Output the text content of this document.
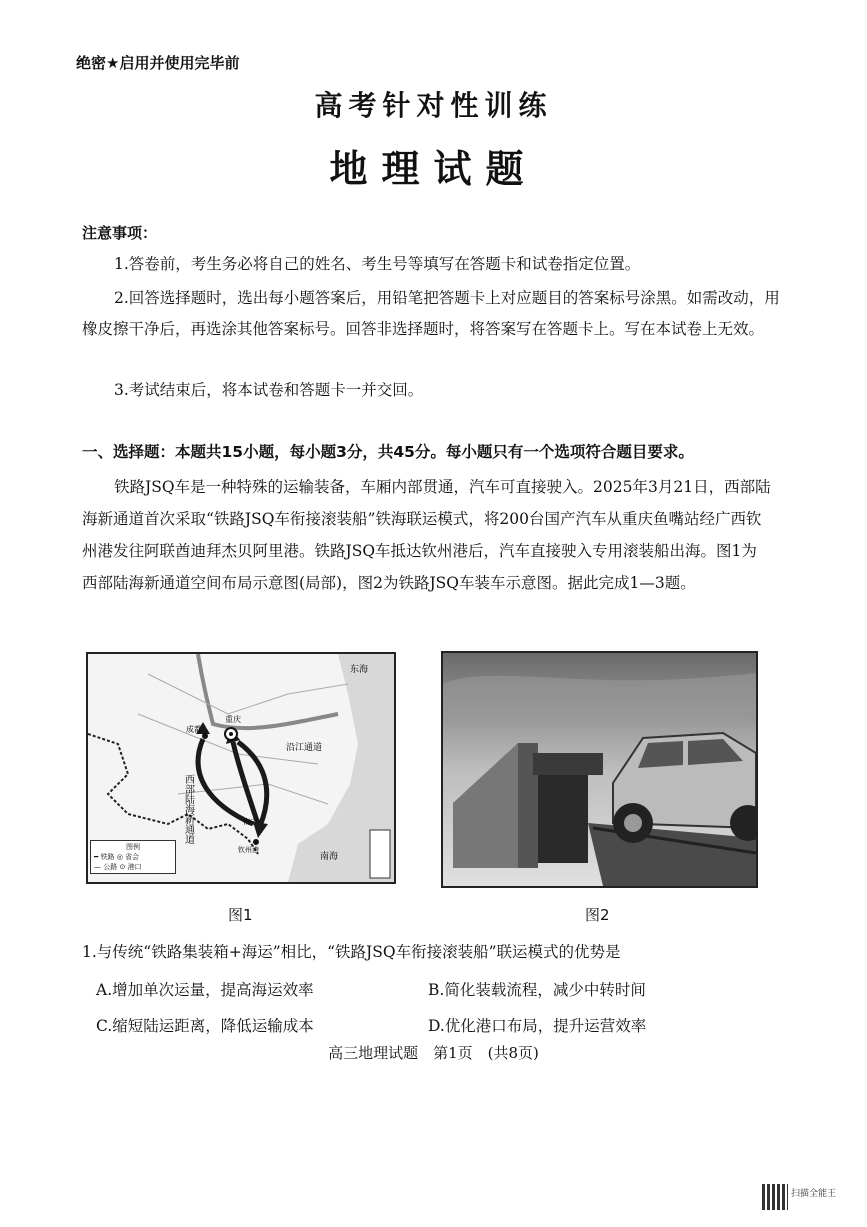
绝密★启用并使用完毕前
高考针对性训练
地理试题
注意事项：
1.答卷前，考生务必将自己的姓名、考生号等填写在答题卡和试卷指定位置。
2.回答选择题时，选出每小题答案后，用铅笔把答题卡上对应题目的答案标号涂黑。如需改动，用橡皮擦干净后，再选涂其他答案标号。回答非选择题时，将答案写在答题卡上。写在本试卷上无效。
3.考试结束后，将本试卷和答题卡一并交回。
一、选择题：本题共15小题，每小题3分，共45分。每小题只有一个选项符合题目要求。
铁路JSQ车是一种特殊的运输装备，车厢内部贯通，汽车可直接驶入。2025年3月21日，西部陆海新通道首次采取“铁路JSQ车衔接滚装船”铁海联运模式，将200台国产汽车从重庆鱼嘴站经广西钦州港发往阿联酋迪拜杰贝阿里港。铁路JSQ车抵达钦州港后，汽车直接驶入专用滚装船出海。图1为西部陆海新通道空间布局示意图(局部)，图2为铁路JSQ车装车示意图。据此完成1—3题。
重庆
成都
沿江通道
东海
南海
钦州港
南宁
西部陆海新通道
图例
━ 铁路 ◎ 省会
— 公路 ⊙ 港口
图1	图2
1.与传统“铁路集装箱+海运”相比，“铁路JSQ车衔接滚装船”联运模式的优势是
A.增加单次运量，提高海运效率	B.简化装载流程，减少中转时间
C.缩短陆运距离，降低运输成本	D.优化港口布局，提升运营效率
高三地理试题　第1页　(共8页)
扫描全能王
